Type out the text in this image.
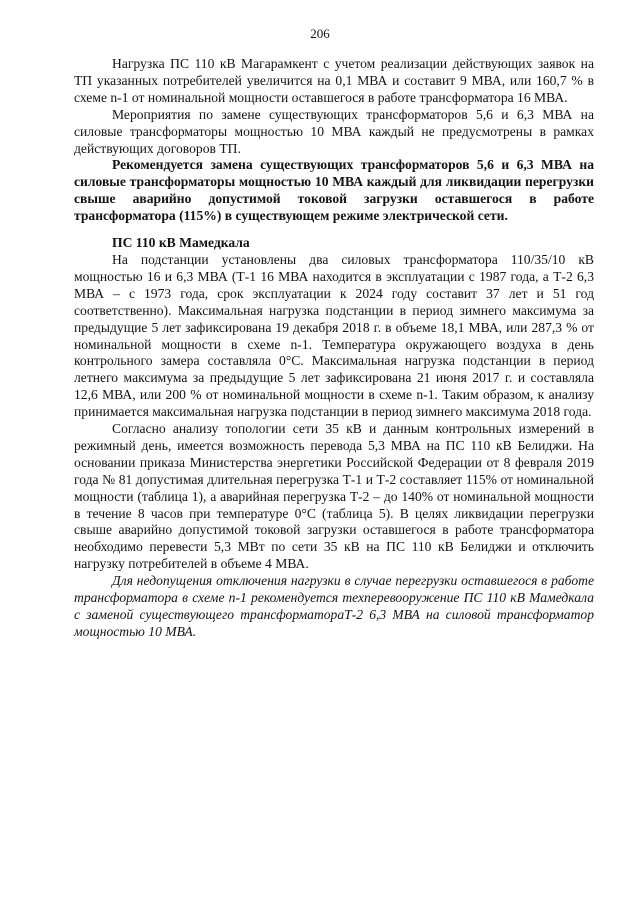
206

Нагрузка ПС 110 кВ Магарамкент с учетом реализации действующих заявок на ТП указанных потребителей увеличится на 0,1 МВА и составит 9 МВА, или 160,7 % в схеме n-1 от номинальной мощности оставшегося в работе трансформатора 16 МВА.

Мероприятия по замене существующих трансформаторов 5,6 и 6,3 МВА на силовые трансформаторы мощностью 10 МВА каждый не предусмотрены в рамках действующих договоров ТП.

Рекомендуется замена существующих трансформаторов 5,6 и 6,3 МВА на силовые трансформаторы мощностью 10 МВА каждый для ликвидации перегрузки свыше аварийно допустимой токовой загрузки оставшегося в работе трансформатора (115%) в существующем режиме электрической сети.

ПС 110 кВ Мамедкала

На подстанции установлены два силовых трансформатора 110/35/10 кВ мощностью 16 и 6,3 МВА (Т-1 16 МВА находится в эксплуатации с 1987 года, а Т-2 6,3 МВА – с 1973 года, срок эксплуатации к 2024 году составит 37 лет и 51 год соответственно). Максимальная нагрузка подстанции в период зимнего максимума за предыдущие 5 лет зафиксирована 19 декабря 2018 г. в объеме 18,1 МВА, или 287,3 % от номинальной мощности в схеме n-1. Температура окружающего воздуха в день контрольного замера составляла 0°С. Максимальная нагрузка подстанции в период летнего максимума за предыдущие 5 лет зафиксирована 21 июня 2017 г. и составляла 12,6 МВА, или 200 % от номинальной мощности в схеме n-1. Таким образом, к анализу принимается максимальная нагрузка подстанции в период зимнего максимума 2018 года.

Согласно анализу топологии сети 35 кВ и данным контрольных измерений в режимный день, имеется возможность перевода 5,3 МВА на ПС 110 кВ Белиджи. На основании приказа Министерства энергетики Российской Федерации от 8 февраля 2019 года № 81 допустимая длительная перегрузка Т-1 и Т-2 составляет 115% от номинальной мощности (таблица 1), а аварийная перегрузка Т-2 – до 140% от номинальной мощности в течение 8 часов при температуре 0°С (таблица 5). В целях ликвидации перегрузки свыше аварийно допустимой токовой загрузки оставшегося в работе трансформатора необходимо перевести 5,3 МВт по сети 35 кВ на ПС 110 кВ Белиджи и отключить нагрузку потребителей в объеме 4 МВА.

Для недопущения отключения нагрузки в случае перегрузки оставшегося в работе трансформатора в схеме n-1 рекомендуется техперевооружение ПС 110 кВ Мамедкала с заменой существующего трансформатораТ-2 6,3 МВА на силовой трансформатор мощностью 10 МВА.
